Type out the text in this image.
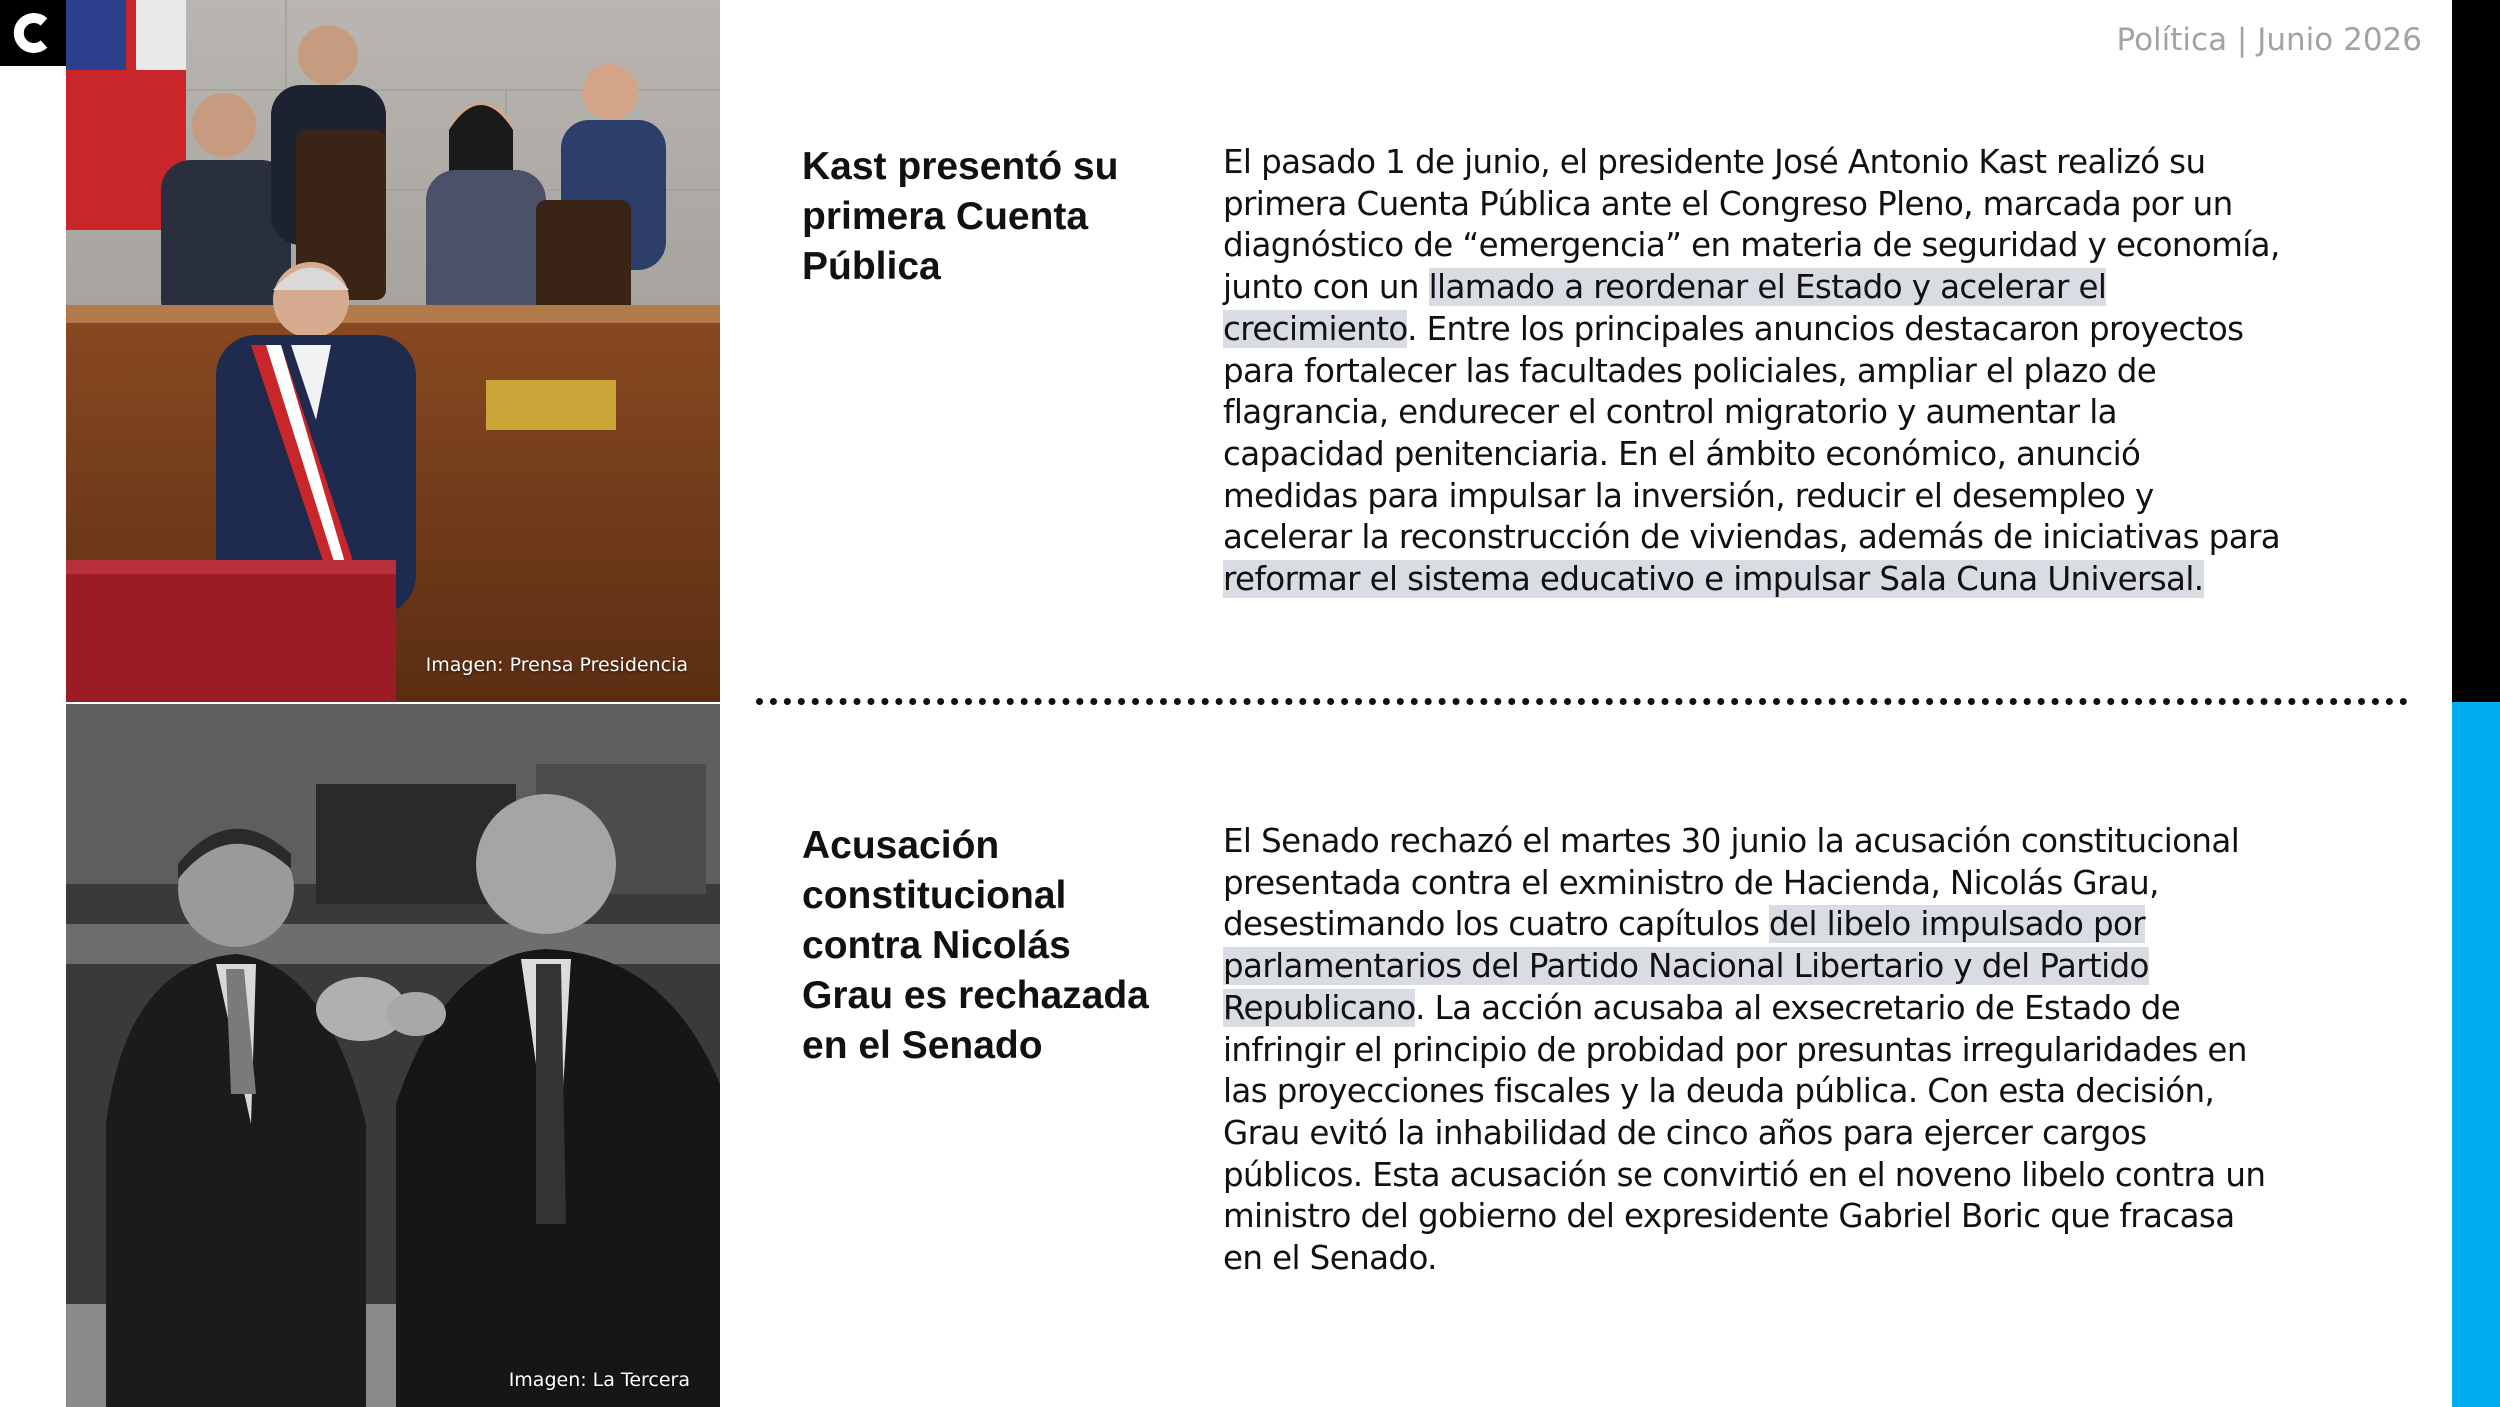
Imagen: Prensa Presidencia
Imagen: La Tercera
Política | Junio 2026
Kast presentó su primera Cuenta Pública

El pasado 1 de junio, el presidente José Antonio Kast realizó su primera Cuenta Pública ante el Congreso Pleno, marcada por un diagnóstico de “emergencia” en materia de seguridad y economía, junto con un llamado a reordenar el Estado y acelerar el crecimiento. Entre los principales anuncios destacaron proyectos para fortalecer las facultades policiales, ampliar el plazo de flagrancia, endurecer el control migratorio y aumentar la capacidad penitenciaria. En el ámbito económico, anunció medidas para impulsar la inversión, reducir el desempleo y acelerar la reconstrucción de viviendas, además de iniciativas para reformar el sistema educativo e impulsar Sala Cuna Universal.

Acusación constitucional contra Nicolás Grau es rechazada en el Senado

El Senado rechazó el martes 30 junio la acusación constitucional presentada contra el exministro de Hacienda, Nicolás Grau, desestimando los cuatro capítulos del libelo impulsado por parlamentarios del Partido Nacional Libertario y del Partido Republicano. La acción acusaba al exsecretario de Estado de infringir el principio de probidad por presuntas irregularidades en las proyecciones fiscales y la deuda pública. Con esta decisión, Grau evitó la inhabilidad de cinco años para ejercer cargos públicos. Esta acusación se convirtió en el noveno libelo contra un ministro del gobierno del expresidente Gabriel Boric que fracasa en el Senado.
